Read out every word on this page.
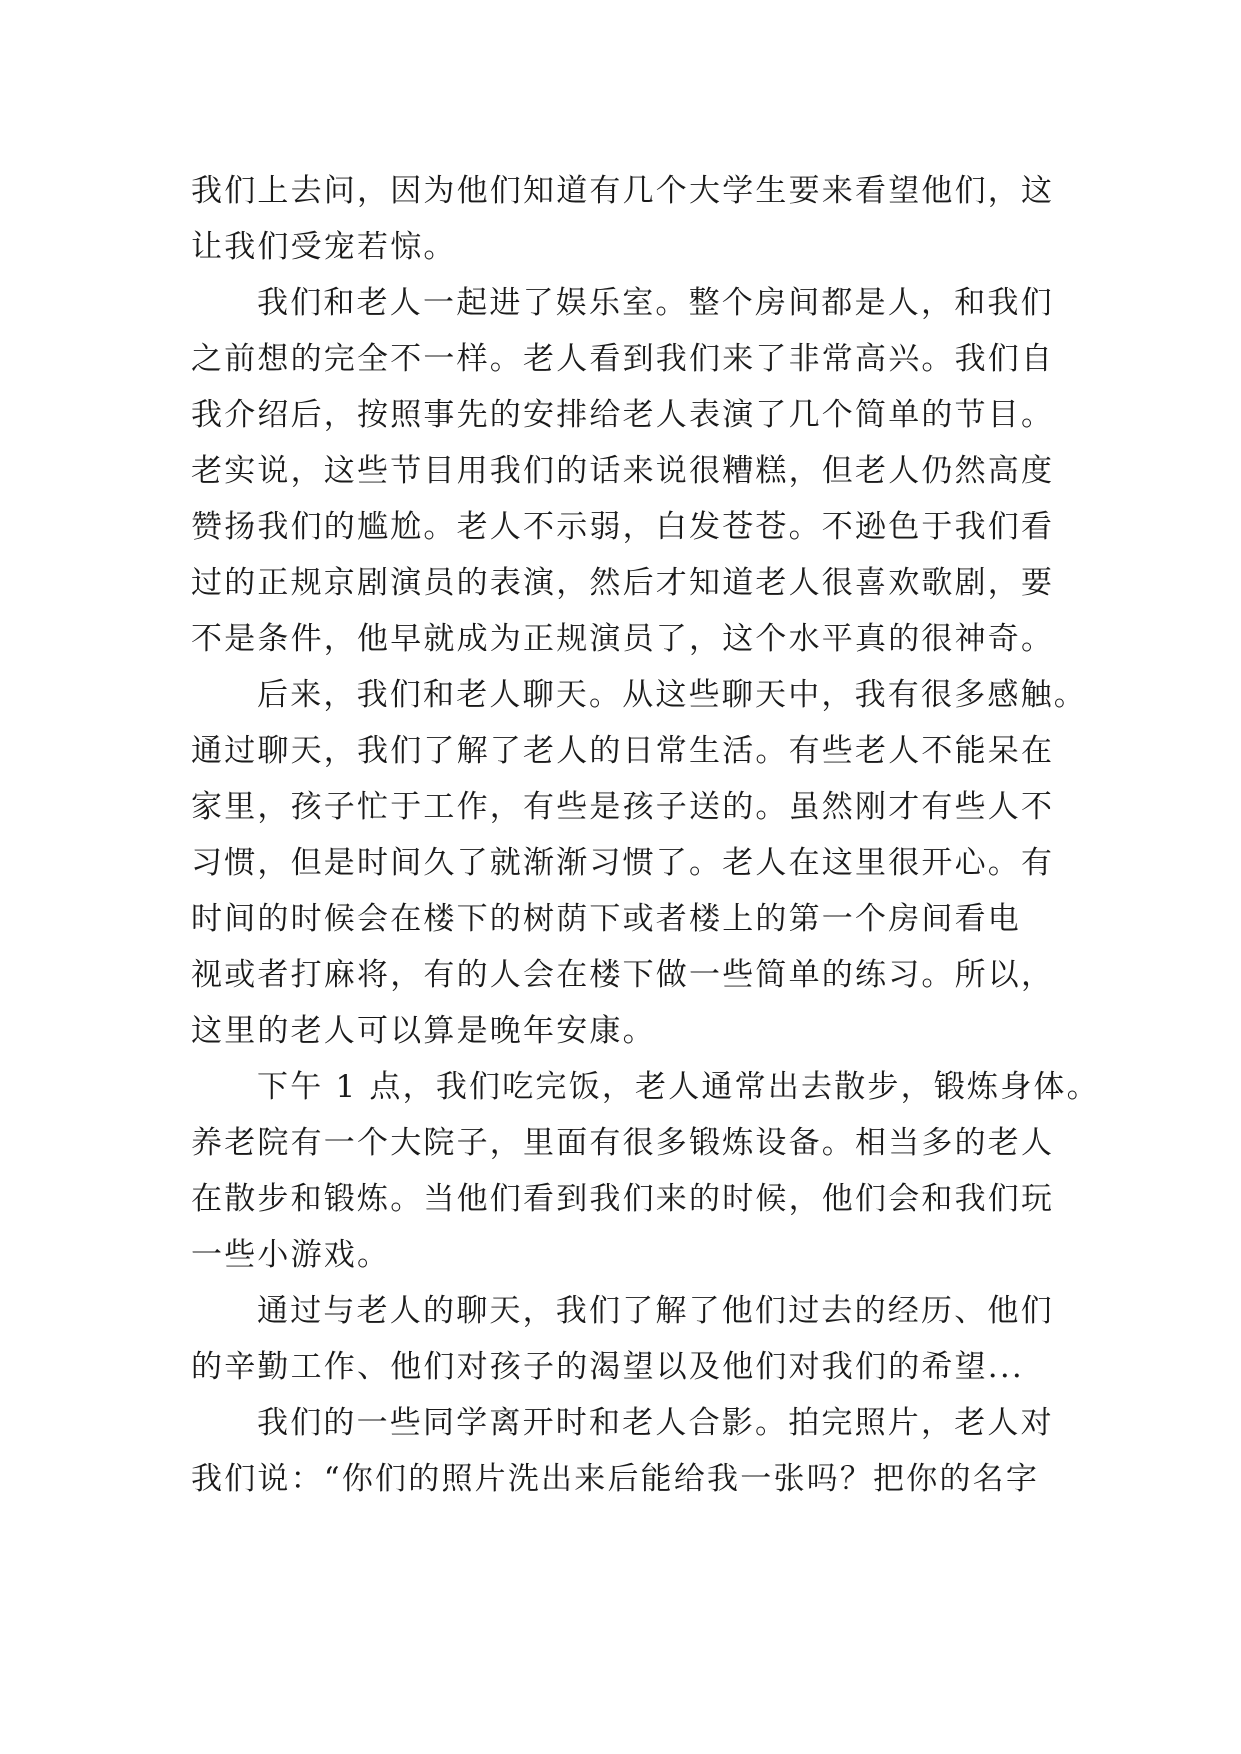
我们上去问，因为他们知道有几个大学生要来看望他们，这
让我们受宠若惊。
我们和老人一起进了娱乐室。整个房间都是人，和我们
之前想的完全不一样。老人看到我们来了非常高兴。我们自
我介绍后，按照事先的安排给老人表演了几个简单的节目。
老实说，这些节目用我们的话来说很糟糕，但老人仍然高度
赞扬我们的尴尬。老人不示弱，白发苍苍。不逊色于我们看
过的正规京剧演员的表演，然后才知道老人很喜欢歌剧，要
不是条件，他早就成为正规演员了，这个水平真的很神奇。
后来，我们和老人聊天。从这些聊天中，我有很多感触。
通过聊天，我们了解了老人的日常生活。有些老人不能呆在
家里，孩子忙于工作，有些是孩子送的。虽然刚才有些人不
习惯，但是时间久了就渐渐习惯了。老人在这里很开心。有
时间的时候会在楼下的树荫下或者楼上的第一个房间看电
视或者打麻将，有的人会在楼下做一些简单的练习。所以，
这里的老人可以算是晚年安康。
下午 1 点，我们吃完饭，老人通常出去散步，锻炼身体。
养老院有一个大院子，里面有很多锻炼设备。相当多的老人
在散步和锻炼。当他们看到我们来的时候，他们会和我们玩
一些小游戏。
通过与老人的聊天，我们了解了他们过去的经历、他们
的辛勤工作、他们对孩子的渴望以及他们对我们的希望...
我们的一些同学离开时和老人合影。拍完照片，老人对
我们说：“你们的照片洗出来后能给我一张吗？把你的名字
